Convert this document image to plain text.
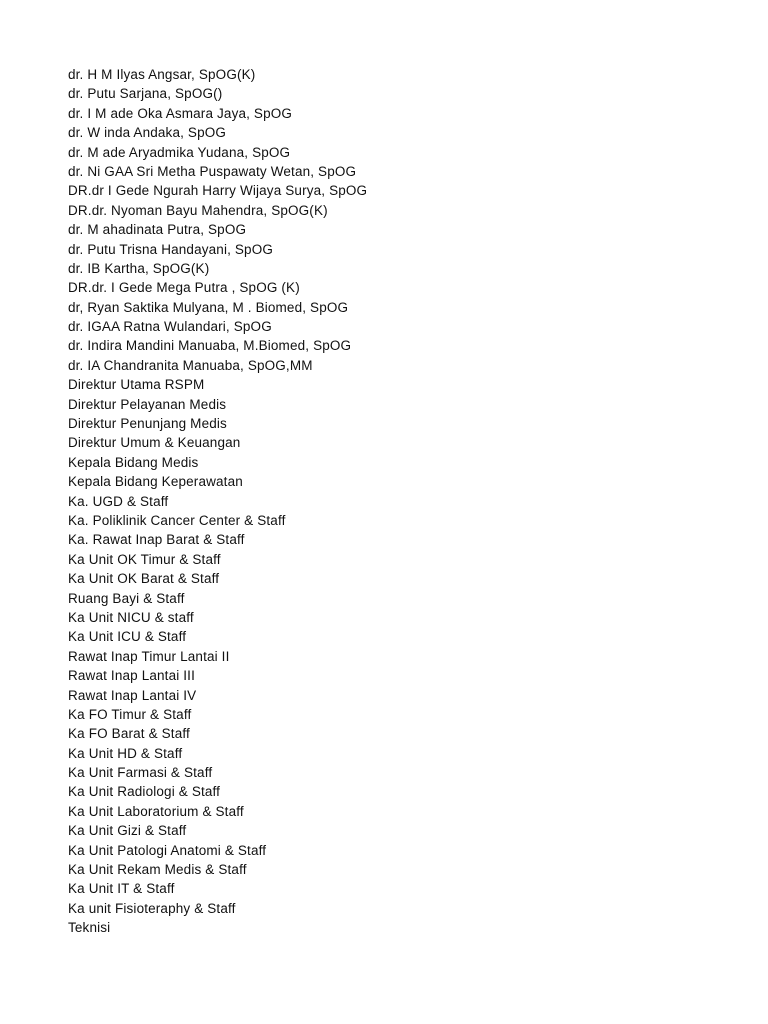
dr. H M Ilyas Angsar, SpOG(K)
dr. Putu Sarjana, SpOG()
dr. I M ade Oka Asmara Jaya, SpOG
dr. W inda Andaka, SpOG
dr. M ade Aryadmika Yudana, SpOG
dr. Ni GAA Sri Metha Puspawaty Wetan, SpOG
DR.dr I Gede Ngurah Harry Wijaya Surya, SpOG
DR.dr. Nyoman Bayu Mahendra, SpOG(K)
dr. M ahadinata Putra, SpOG
dr. Putu Trisna Handayani, SpOG
dr. IB Kartha, SpOG(K)
DR.dr. I Gede Mega Putra , SpOG (K)
dr, Ryan Saktika Mulyana, M . Biomed, SpOG
dr. IGAA Ratna Wulandari, SpOG
dr. Indira Mandini Manuaba, M.Biomed, SpOG
dr. IA Chandranita Manuaba, SpOG,MM
Direktur Utama RSPM
Direktur Pelayanan Medis
Direktur Penunjang Medis
Direktur Umum & Keuangan
Kepala Bidang Medis
Kepala Bidang Keperawatan
Ka. UGD & Staff
Ka. Poliklinik Cancer Center & Staff
Ka. Rawat Inap Barat & Staff
Ka Unit OK Timur & Staff
Ka Unit OK Barat & Staff
Ruang Bayi & Staff
Ka Unit NICU & staff
Ka Unit ICU & Staff
Rawat Inap Timur Lantai II
Rawat Inap Lantai III
Rawat Inap Lantai IV
Ka FO Timur & Staff
Ka FO Barat & Staff
Ka Unit HD & Staff
Ka Unit Farmasi & Staff
Ka Unit Radiologi & Staff
Ka Unit Laboratorium & Staff
Ka Unit Gizi & Staff
Ka Unit Patologi Anatomi & Staff
Ka Unit Rekam Medis & Staff
Ka Unit IT & Staff
Ka unit Fisioteraphy & Staff
Teknisi
